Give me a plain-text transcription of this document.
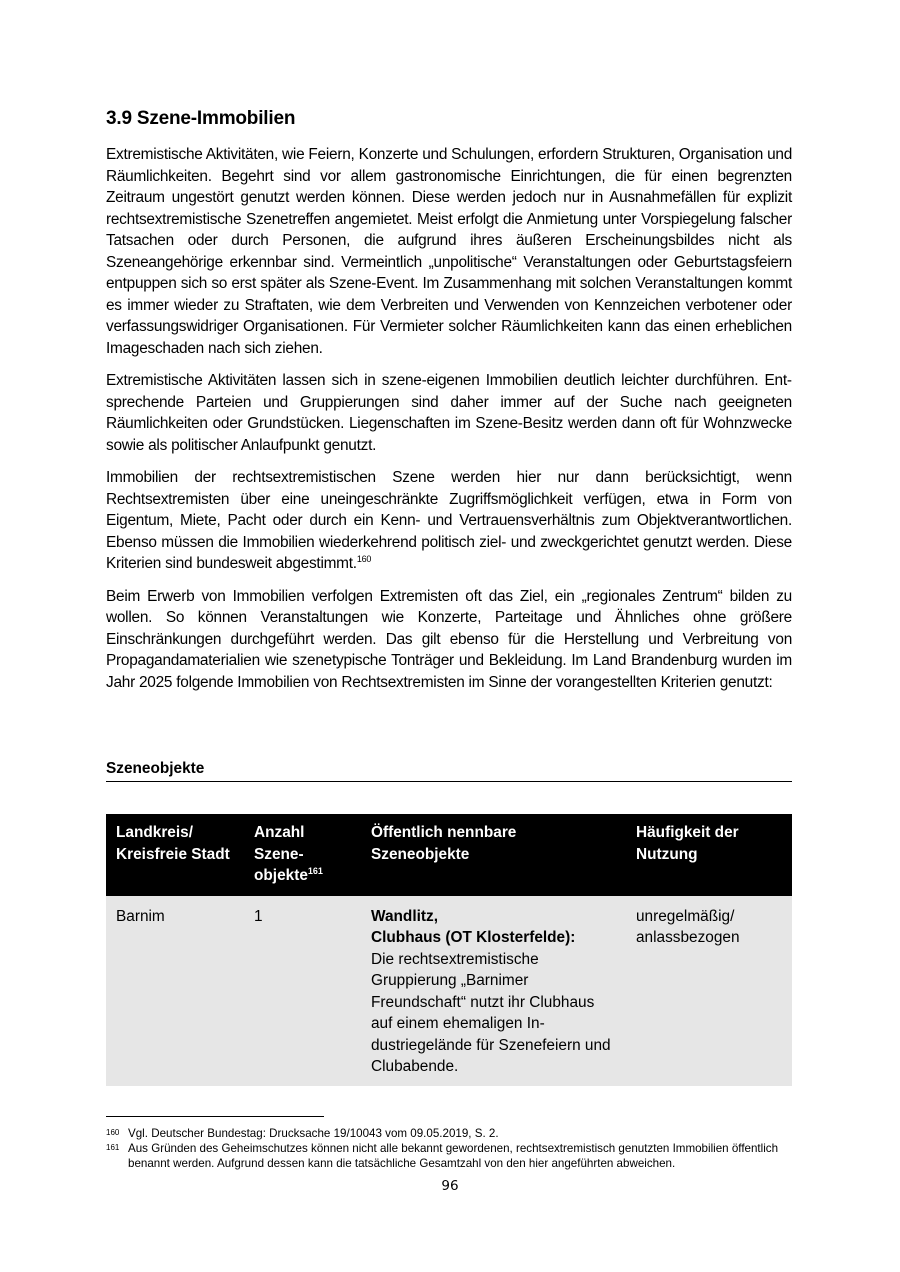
3.9 Szene-Immobilien

Extremistische Aktivitäten, wie Feiern, Konzerte und Schulungen, erfordern Strukturen, Organisation und Räumlichkeiten. Begehrt sind vor allem gastronomische Einrichtungen, die für einen begrenzten Zeitraum ungestört genutzt werden können. Diese werden jedoch nur in Ausnahmefällen für explizit rechtsextremistische Szenetreffen angemietet. Meist erfolgt die Anmietung unter Vorspiegelung falscher Tatsachen oder durch Personen, die aufgrund ihres äußeren Erscheinungsbildes nicht als Szeneangehörige erkennbar sind. Vermeintlich „unpolitische“ Veranstaltungen oder Geburtstagsfeiern entpuppen sich so erst später als Szene-Event. Im Zusammenhang mit solchen Veranstaltungen kommt es immer wieder zu Straftaten, wie dem Verbreiten und Verwenden von Kennzeichen verbotener oder verfassungswidriger Organisationen. Für Vermieter solcher Räumlichkeiten kann das einen erheblichen Imageschaden nach sich ziehen.

Extremistische Aktivitäten lassen sich in szene-eigenen Immobilien deutlich leichter durchführen. Entsprechende Parteien und Gruppierungen sind daher immer auf der Suche nach geeigneten Räumlichkeiten oder Grundstücken. Liegenschaften im Szene-Besitz werden dann oft für Wohnzwecke sowie als politischer Anlaufpunkt genutzt.

Immobilien der rechtsextremistischen Szene werden hier nur dann berücksichtigt, wenn Rechtsextremisten über eine uneingeschränkte Zugriffsmöglichkeit verfügen, etwa in Form von Eigentum, Miete, Pacht oder durch ein Kenn- und Vertrauensverhältnis zum Objektverantwortlichen. Ebenso müssen die Immobilien wiederkehrend politisch ziel- und zweckgerichtet genutzt werden. Diese Kriterien sind bundesweit abgestimmt.$^{160}$

Beim Erwerb von Immobilien verfolgen Extremisten oft das Ziel, ein „regionales Zentrum“ bilden zu wollen. So können Veranstaltungen wie Konzerte, Parteitage und Ähnliches ohne größere Einschränkungen durchgeführt werden. Das gilt ebenso für die Herstellung und Verbreitung von Propagandamaterialien wie szenetypische Tonträger und Bekleidung. Im Land Brandenburg wurden im Jahr 2025 folgende Immobilien von Rechtsextremisten im Sinne der vorangestellten Kriterien genutzt:

Szeneobjekte
Landkreis/ Kreisfreie Stadt	Anzahl Szeneobjekte$^{161}$	Öffentlich nennbare Szeneobjekte	Häufigkeit der Nutzung
Barnim	1	Wandlitz,
Clubhaus (OT Klosterfelde):
Die rechtsextremistische Gruppierung „Barnimer Freundschaft“ nutzt ihr Clubhaus auf einem ehemaligen Industriegelände für Szenefeiern und Clubabende.	unregelmäßig/ anlassbezogen
160 Vgl. Deutscher Bundestag: Drucksache 19/10043 vom 09.05.2019, S. 2.
161 Aus Gründen des Geheimschutzes können nicht alle bekannt gewordenen, rechtsextremistisch genutzten Immobilien öffentlich benannt werden. Aufgrund dessen kann die tatsächliche Gesamtzahl von den hier angeführten abweichen.
96
